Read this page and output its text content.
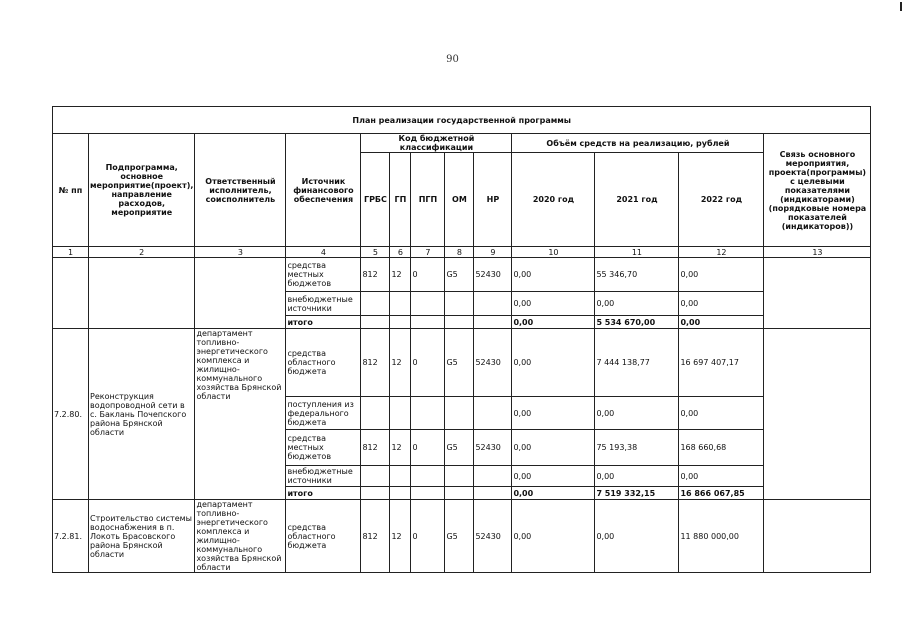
90
План реализации государственной программы												
№ пп	Подпрограмма, основное мероприятие(проект), направление расходов, мероприятие	Ответственный исполнитель, соисполнитель	Источник финансового обеспечения	Код бюджетной классификации					Объём средств на реализацию, рублей			Связь основного мероприятия, проекта(программы) с целевыми показателями (индикаторами) (порядковые номера показателей (индикаторов))
				ГРБС	ГП	ПГП	ОМ	НР	2020 год	2021 год	2022 год	
1	2	3	4	5	6	7	8	9	10	11	12	13
			средства местных бюджетов	812	12	0	G5	52430	0,00	55 346,70	0,00	
			внебюджетные источники						0,00	0,00	0,00	
			итого						0,00	5 534 670,00	0,00	
7.2.80.	Реконструкция водопроводной сети в с. Баклань Почепского района Брянской области	департамент топливно-энергетического комплекса и жилищно-коммунального хозяйства Брянской области	средства областного бюджета	812	12	0	G5	52430	0,00	7 444 138,77	16 697 407,17	
			поступления из федерального бюджета						0,00	0,00	0,00	
			средства местных бюджетов	812	12	0	G5	52430	0,00	75 193,38	168 660,68	
			внебюджетные источники						0,00	0,00	0,00	
			итого						0,00	7 519 332,15	16 866 067,85	
7.2.81.	Строительство системы водоснабжения в п. Локоть Брасовского района Брянской области	департамент топливно-энергетического комплекса и жилищно-коммунального хозяйства Брянской области	средства областного бюджета	812	12	0	G5	52430	0,00	0,00	11 880 000,00	
